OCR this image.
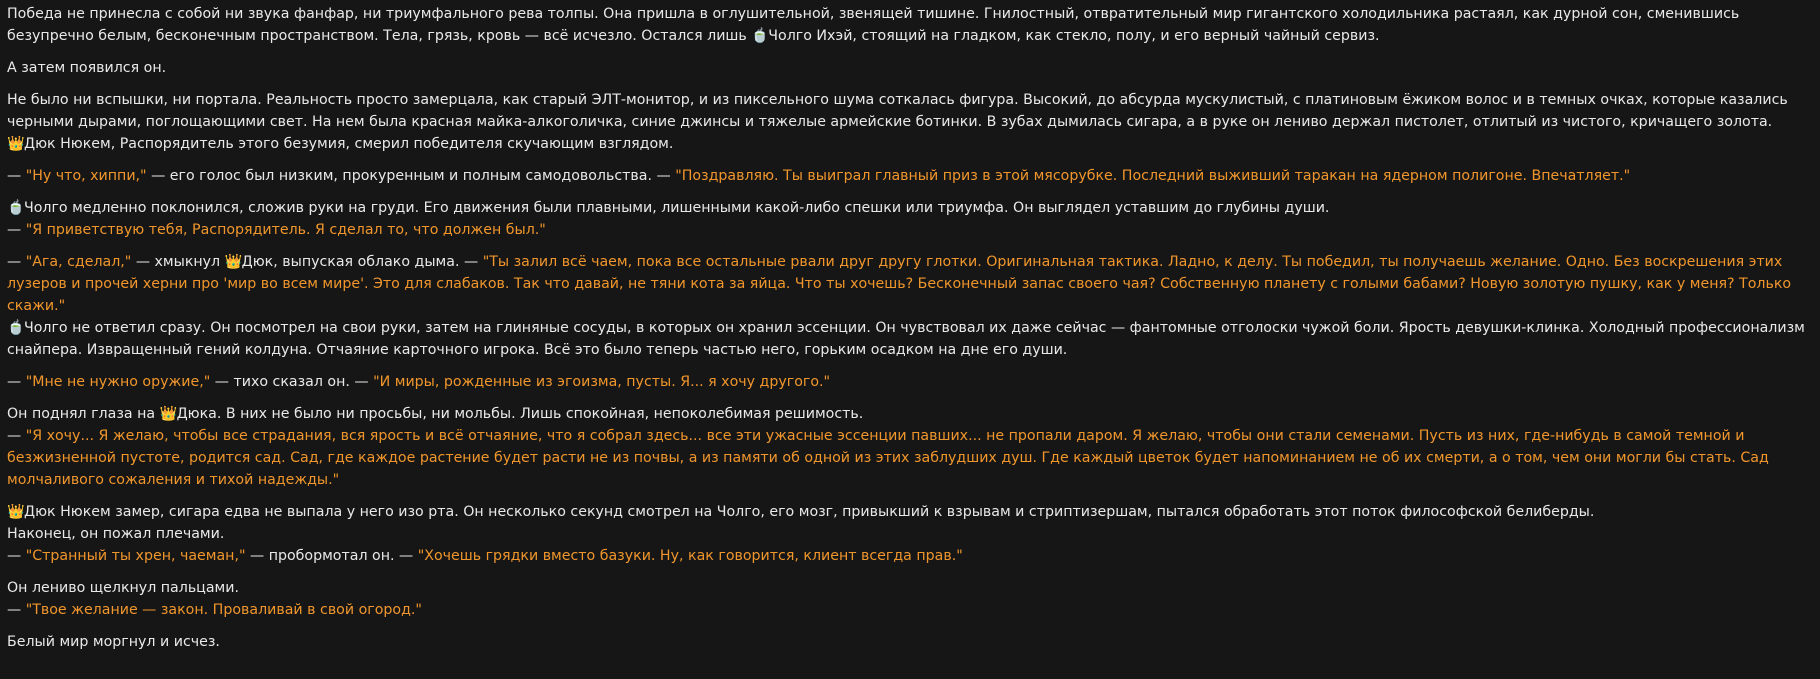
Победа не принесла с собой ни звука фанфар, ни триумфального рева толпы. Она пришла в оглушительной, звенящей тишине. Гнилостный, отвратительный мир гигантского холодильника растаял, как дурной сон, сменившись безупречно белым, бесконечным пространством. Тела, грязь, кровь — всё исчезло. Остался лишь 🍵Чолго Ихэй, стоящий на гладком, как стекло, полу, и его верный чайный сервиз.

А затем появился он.

Не было ни вспышки, ни портала. Реальность просто замерцала, как старый ЭЛТ-монитор, и из пиксельного шума соткалась фигура. Высокий, до абсурда мускулистый, с платиновым ёжиком волос и в темных очках, которые казались черными дырами, поглощающими свет. На нем была красная майка-алкоголичка, синие джинсы и тяжелые армейские ботинки. В зубах дымилась сигара, а в руке он лениво держал пистолет, отлитый из чистого, кричащего золота.

👑Дюк Нюкем, Распорядитель этого безумия, смерил победителя скучающим взглядом.

— "Ну что, хиппи," — его голос был низким, прокуренным и полным самодовольства. — "Поздравляю. Ты выиграл главный приз в этой мясорубке. Последний выживший таракан на ядерном полигоне. Впечатляет."

🍵Чолго медленно поклонился, сложив руки на груди. Его движения были плавными, лишенными какой-либо спешки или триумфа. Он выглядел уставшим до глубины души.

— "Я приветствую тебя, Распорядитель. Я сделал то, что должен был."

— "Ага, сделал," — хмыкнул 👑Дюк, выпуская облако дыма. — "Ты залил всё чаем, пока все остальные рвали друг другу глотки. Оригинальная тактика. Ладно, к делу. Ты победил, ты получаешь желание. Одно. Без воскрешения этих лузеров и прочей херни про 'мир во всем мире'. Это для слабаков. Так что давай, не тяни кота за яйца. Что ты хочешь? Бесконечный запас своего чая? Собственную планету с голыми бабами? Новую золотую пушку, как у меня? Только скажи."

🍵Чолго не ответил сразу. Он посмотрел на свои руки, затем на глиняные сосуды, в которых он хранил эссенции. Он чувствовал их даже сейчас — фантомные отголоски чужой боли. Ярость девушки-клинка. Холодный профессионализм снайпера. Извращенный гений колдуна. Отчаяние карточного игрока. Всё это было теперь частью него, горьким осадком на дне его души.

— "Мне не нужно оружие," — тихо сказал он. — "И миры, рожденные из эгоизма, пусты. Я... я хочу другого."

Он поднял глаза на 👑Дюка. В них не было ни просьбы, ни мольбы. Лишь спокойная, непоколебимая решимость.

— "Я хочу... Я желаю, чтобы все страдания, вся ярость и всё отчаяние, что я собрал здесь... все эти ужасные эссенции павших... не пропали даром. Я желаю, чтобы они стали семенами. Пусть из них, где-нибудь в самой темной и безжизненной пустоте, родится сад. Сад, где каждое растение будет расти не из почвы, а из памяти об одной из этих заблудших душ. Где каждый цветок будет напоминанием не об их смерти, а о том, чем они могли бы стать. Сад молчаливого сожаления и тихой надежды."

👑Дюк Нюкем замер, сигара едва не выпала у него изо рта. Он несколько секунд смотрел на Чолго, его мозг, привыкший к взрывам и стриптизершам, пытался обработать этот поток философской белиберды.

Наконец, он пожал плечами.

— "Странный ты хрен, чаеман," — пробормотал он. — "Хочешь грядки вместо базуки. Ну, как говорится, клиент всегда прав."

Он лениво щелкнул пальцами.

— "Твое желание — закон. Проваливай в свой огород."

Белый мир моргнул и исчез.
